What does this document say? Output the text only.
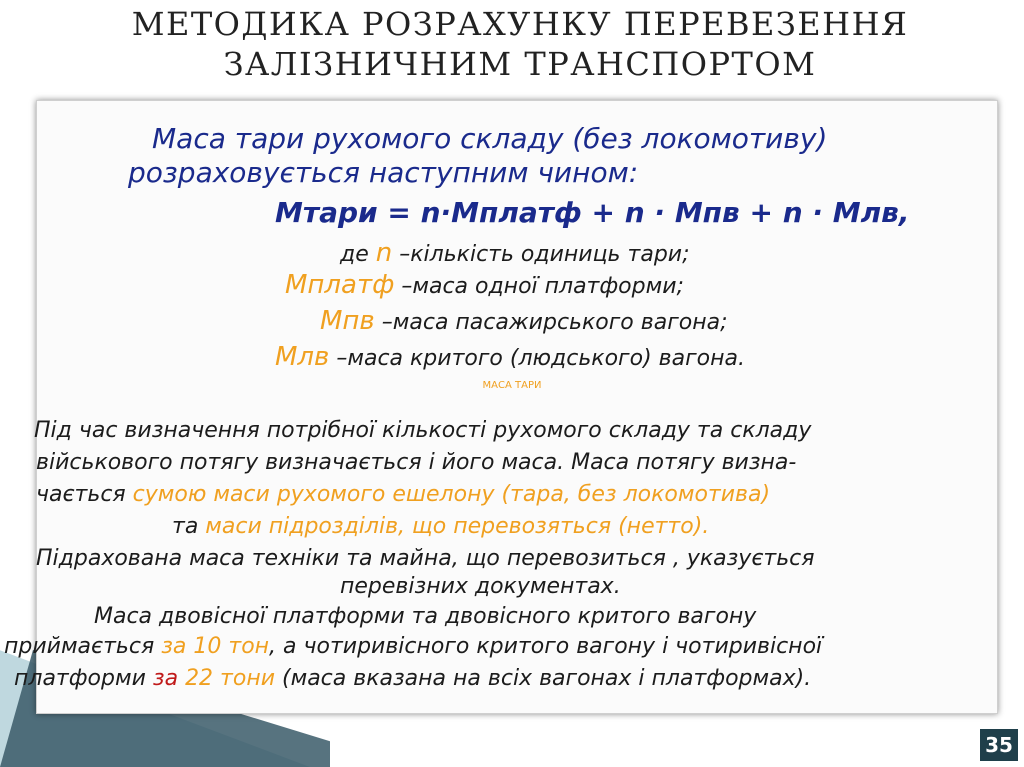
МЕТОДИКА РОЗРАХУНКУ ПЕРЕВЕЗЕННЯ
ЗАЛІЗНИЧНИМ ТРАНСПОРТОМ
Маса тари рухомого складу (без локомотиву)
розраховується наступним чином:
Мтари = n·Мплатф + n · Мпв + n · Млв,
де n –кількість одиниць тари;
Мплатф –маса одної платформи;
Мпв –маса пасажирського вагона;
Млв –маса критого (людського) вагона.
МАСА ТАРИ
Під час визначення потрібної кількості рухомого складу та складу
військового потягу визначається і його маса. Маса потягу визна-
чається сумою маси рухомого ешелону (тара, без локомотива)
та маси підрозділів, що перевозяться (нетто).
Підрахована маса техніки та майна, що перевозиться , указується
перевізних документах.
Маса двовісної платформи та двовісного критого вагону
приймається за 10 тон, а чотиривісного критого вагону і чотиривісної
платформи за 22 тони (маса вказана на всіх вагонах і платформах).
35
